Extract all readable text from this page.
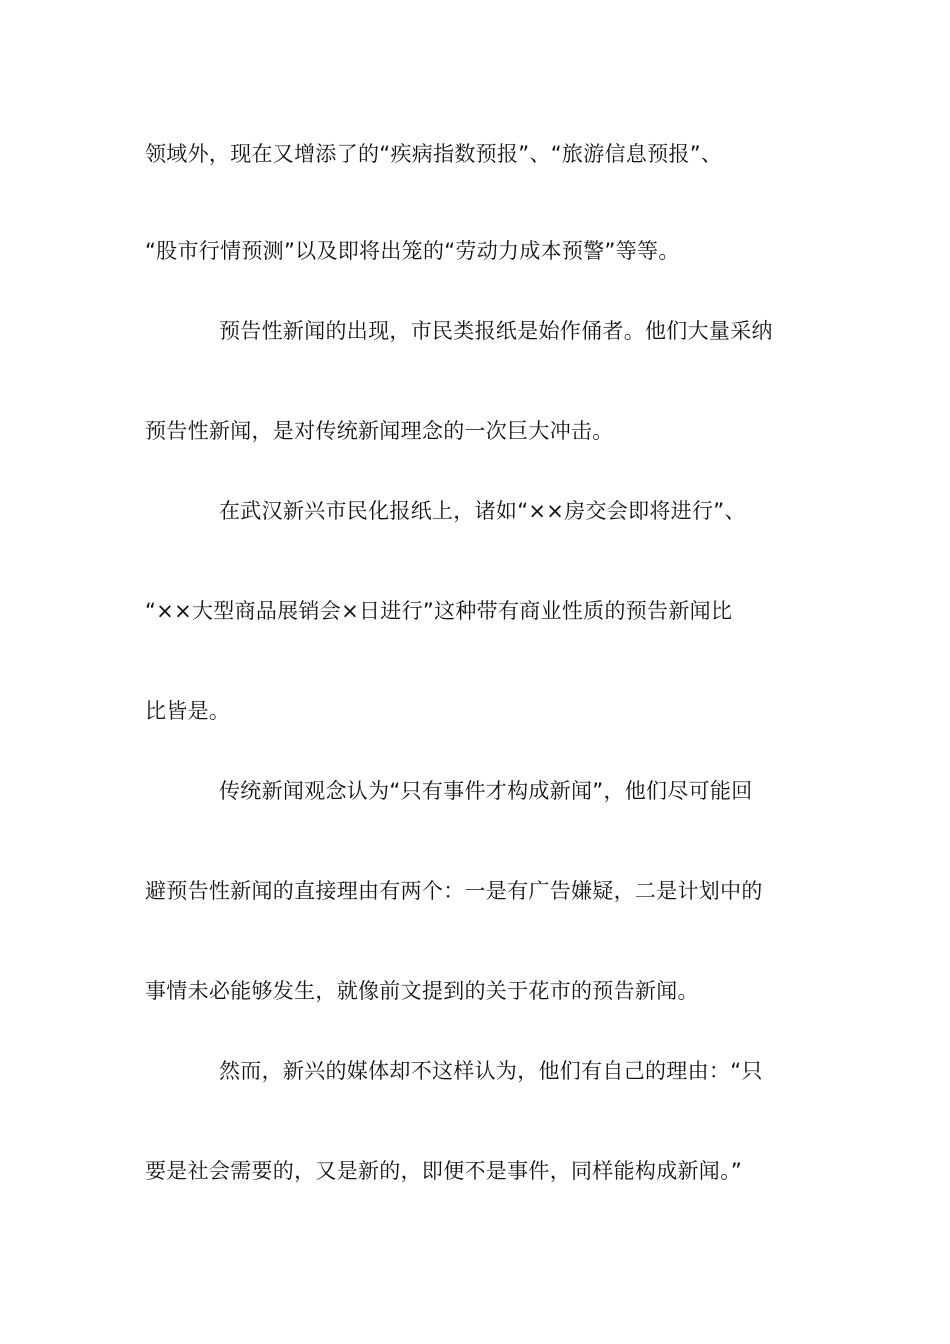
领域外，现在又增添了的“疾病指数预报”、“旅游信息预报”、
“股市行情预测”以及即将出笼的“劳动力成本预警”等等。
预告性新闻的出现，市民类报纸是始作俑者。他们大量采纳
预告性新闻，是对传统新闻理念的一次巨大冲击。
在武汉新兴市民化报纸上，诸如“××房交会即将进行”、
“××大型商品展销会×日进行”这种带有商业性质的预告新闻比
比皆是。
传统新闻观念认为“只有事件才构成新闻”，他们尽可能回
避预告性新闻的直接理由有两个：一是有广告嫌疑，二是计划中的
事情未必能够发生，就像前文提到的关于花市的预告新闻。
然而，新兴的媒体却不这样认为，他们有自己的理由：“只
要是社会需要的，又是新的，即便不是事件，同样能构成新闻。”
